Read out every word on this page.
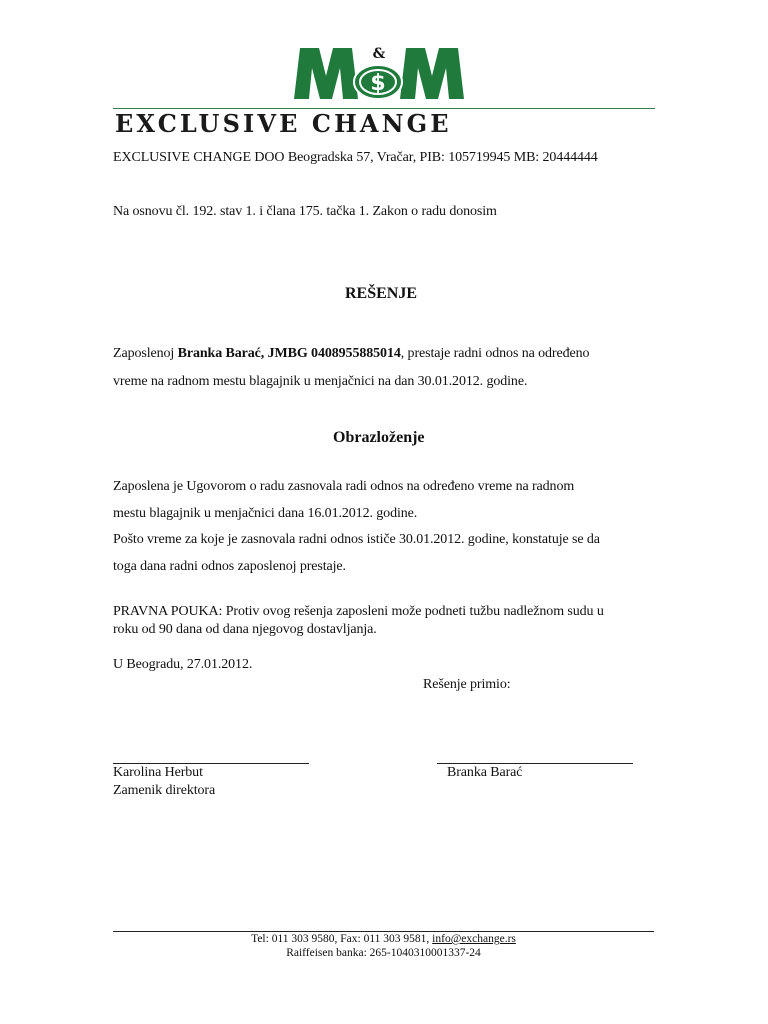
$
&
EXCLUSIVE CHANGE
EXCLUSIVE CHANGE DOO Beogradska 57, Vračar, PIB: 105719945 MB: 20444444
Na osnovu čl. 192. stav 1. i člana 175. tačka 1. Zakon o radu donosim
REŠENJE
Zaposlenoj Branka Barać, JMBG 0408955885014, prestaje radni odnos na određeno
vreme na radnom mestu blagajnik u menjačnici na dan 30.01.2012. godine.
Obrazloženje
Zaposlena je Ugovorom o radu zasnovala radi odnos na određeno vreme na radnom
mestu blagajnik u menjačnici dana 16.01.2012. godine.
Pošto vreme za koje je zasnovala radni odnos ističe 30.01.2012. godine, konstatuje se da
toga dana radni odnos zaposlenoj prestaje.
PRAVNA POUKA: Protiv ovog rešenja zaposleni može podneti tužbu nadležnom sudu u
roku od 90 dana od dana njegovog dostavljanja.
U Beogradu, 27.01.2012.
Rešenje primio:
Karolina Herbut
Zamenik direktora
Branka Barać
Tel: 011 303 9580, Fax: 011 303 9581, info@exchange.rs
Raiffeisen banka: 265-1040310001337-24
